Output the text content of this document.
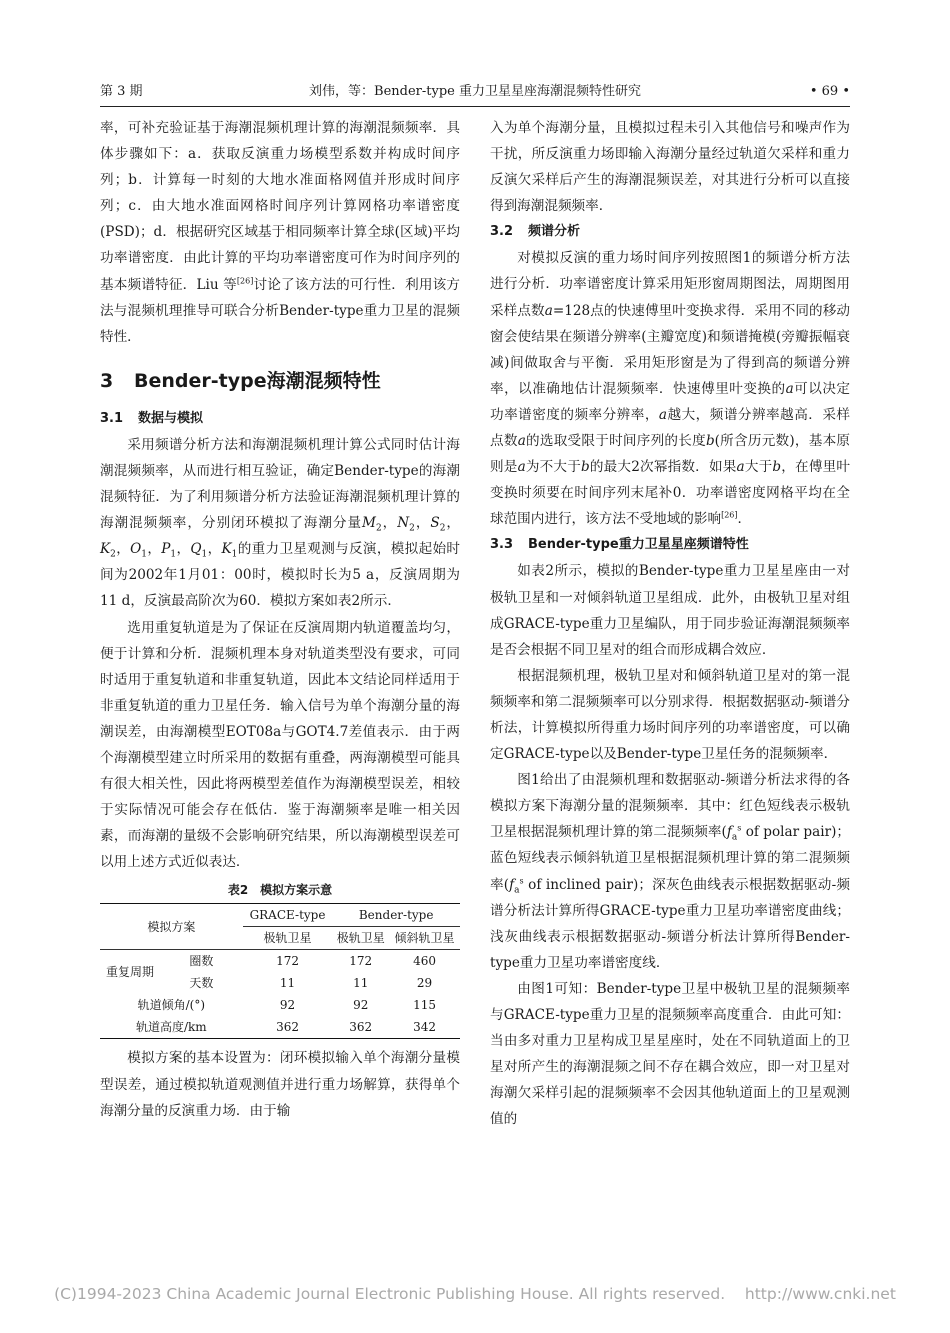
第 3 期	刘伟，等：Bender-type 重力卫星星座海潮混频特性研究	• 69 •

率，可补充验证基于海潮混频机理计算的海潮混频频率．具体步骤如下：a．获取反演重力场模型系数并构成时间序列；b．计算每一时刻的大地水准面格网值并形成时间序列；c．由大地水准面网格时间序列计算网格功率谱密度(PSD)；d．根据研究区域基于相同频率计算全球(区域)平均功率谱密度．由此计算的平均功率谱密度可作为时间序列的基本频谱特征．Liu 等[26]讨论了该方法的可行性．利用该方法与混频机理推导可联合分析Bender-type重力卫星的混频特性．

3 Bender-type海潮混频特性
3.1 数据与模拟

采用频谱分析方法和海潮混频机理计算公式同时估计海潮混频频率，从而进行相互验证，确定Bender-type的海潮混频特征．为了利用频谱分析方法验证海潮混频机理计算的海潮混频频率，分别闭环模拟了海潮分量$M_2$，$N_2$，$S_2$，$K_2$，$O_1$，$P_1$，$Q_1$，$K_1$的重力卫星观测与反演，模拟起始时间为2002年1月01：00时，模拟时长为5 a，反演周期为11 d，反演最高阶次为60．模拟方案如表2所示．

选用重复轨道是为了保证在反演周期内轨道覆盖均匀，便于计算和分析．混频机理本身对轨道类型没有要求，可同时适用于重复轨道和非重复轨道，因此本文结论同样适用于非重复轨道的重力卫星任务．输入信号为单个海潮分量的海潮误差，由海潮模型EOT08a与GOT4.7差值表示．由于两个海潮模型建立时所采用的数据有重叠，两海潮模型可能具有很大相关性，因此将两模型差值作为海潮模型误差，相较于实际情况可能会存在低估．鉴于海潮频率是唯一相关因素，而海潮的量级不会影响研究结果，所以海潮模型误差可以用上述方式近似表达．

表2　模拟方案示意
模拟方案		GRACE-type	Bender-type	
		极轨卫星	极轨卫星	倾斜轨卫星
重复周期	圈数	172	172	460
	天数	11	11	29
轨道倾角/(°)		92	92	115
轨道高度/km		362	362	342

模拟方案的基本设置为：闭环模拟输入单个海潮分量模型误差，通过模拟轨道观测值并进行重力场解算，获得单个海潮分量的反演重力场．由于输

入为单个海潮分量，且模拟过程未引入其他信号和噪声作为干扰，所反演重力场即输入海潮分量经过轨道欠采样和重力反演欠采样后产生的海潮混频误差，对其进行分析可以直接得到海潮混频频率．

3.2 频谱分析

对模拟反演的重力场时间序列按照图1的频谱分析方法进行分析．功率谱密度计算采用矩形窗周期图法，周期图用采样点数a=128点的快速傅里叶变换求得．采用不同的移动窗会使结果在频谱分辨率(主瓣宽度)和频谱掩模(旁瓣振幅衰减)间做取舍与平衡．采用矩形窗是为了得到高的频谱分辨率，以准确地估计混频频率．快速傅里叶变换的a可以决定功率谱密度的频率分辨率，a越大，频谱分辨率越高．采样点数a的选取受限于时间序列的长度b(所含历元数)，基本原则是a为不大于b的最大2次幂指数．如果a大于b，在傅里叶变换时须要在时间序列末尾补0．功率谱密度网格平均在全球范围内进行，该方法不受地域的影响[26]．

3.3 Bender-type重力卫星星座频谱特性

如表2所示，模拟的Bender-type重力卫星星座由一对极轨卫星和一对倾斜轨道卫星组成．此外，由极轨卫星对组成GRACE-type重力卫星编队，用于同步验证海潮混频频率是否会根据不同卫星对的组合而形成耦合效应．

根据混频机理，极轨卫星对和倾斜轨道卫星对的第一混频频率和第二混频频率可以分别求得．根据数据驱动-频谱分析法，计算模拟所得重力场时间序列的功率谱密度，可以确定GRACE-type以及Bender-type卫星任务的混频频率．

图1给出了由混频机理和数据驱动-频谱分析法求得的各模拟方案下海潮分量的混频频率．其中：红色短线表示极轨卫星根据混频机理计算的第二混频频率($f_a^s$ of polar pair)；蓝色短线表示倾斜轨道卫星根据混频机理计算的第二混频频率($f_a^s$ of inclined pair)；深灰色曲线表示根据数据驱动-频谱分析法计算所得GRACE-type重力卫星功率谱密度曲线；浅灰曲线表示根据数据驱动-频谱分析法计算所得Bender-type重力卫星功率谱密度线．

由图1可知：Bender-type卫星中极轨卫星的混频频率与GRACE-type重力卫星的混频频率高度重合．由此可知：当由多对重力卫星构成卫星星座时，处在不同轨道面上的卫星对所产生的海潮混频之间不存在耦合效应，即一对卫星对海潮欠采样引起的混频频率不会因其他轨道面上的卫星观测值的

(C)1994-2023 China Academic Journal Electronic Publishing House. All rights reserved.    http://www.cnki.net
